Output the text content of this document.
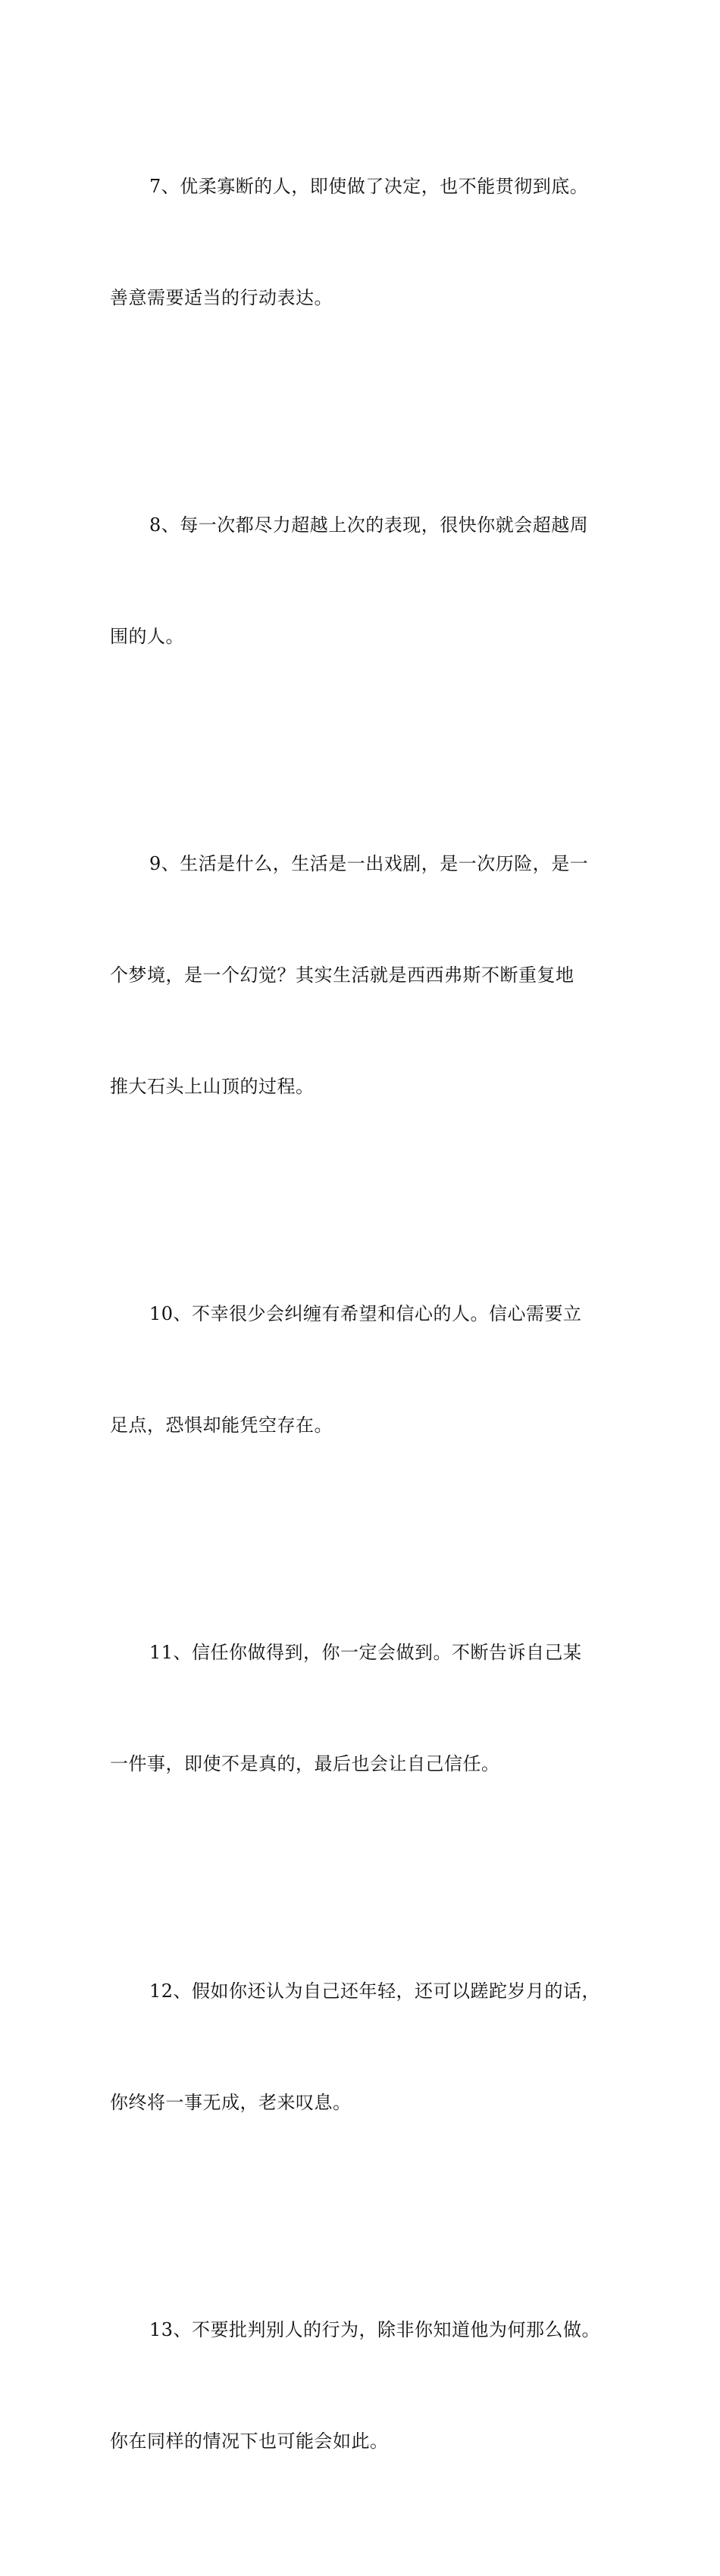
7、优柔寡断的人，即使做了决定，也不能贯彻到底。

善意需要适当的行动表达。

8、每一次都尽力超越上次的表现，很快你就会超越周

围的人。

9、生活是什么，生活是一出戏剧，是一次历险，是一

个梦境，是一个幻觉？其实生活就是西西弗斯不断重复地

推大石头上山顶的过程。

10、不幸很少会纠缠有希望和信心的人。信心需要立

足点，恐惧却能凭空存在。

11、信任你做得到，你一定会做到。不断告诉自己某

一件事，即使不是真的，最后也会让自己信任。

12、假如你还认为自己还年轻，还可以蹉跎岁月的话，

你终将一事无成，老来叹息。

13、不要批判别人的行为，除非你知道他为何那么做。

你在同样的情况下也可能会如此。
